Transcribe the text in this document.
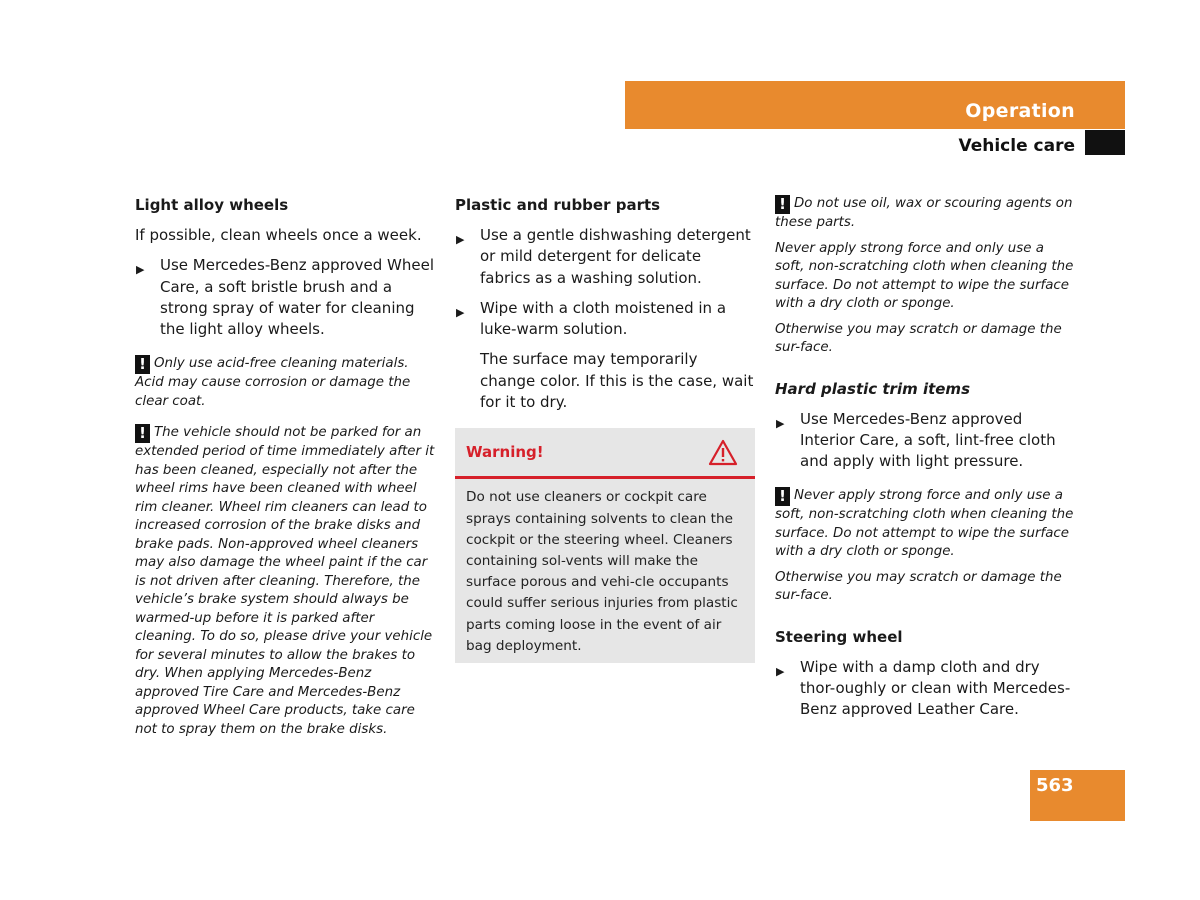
Operation
Vehicle care
Light alloy wheels

If possible, clean wheels once a week.

▶ Use Mercedes-Benz approved Wheel Care, a soft bristle brush and a strong spray of water for cleaning the light alloy wheels.

! Only use acid-free cleaning materials. Acid may cause corrosion or damage the clear coat.

! The vehicle should not be parked for an extended period of time immediately after it has been cleaned, especially not after the wheel rims have been cleaned with wheel rim cleaner. Wheel rim cleaners can lead to increased corrosion of the brake disks and brake pads. Non-approved wheel cleaners may also damage the wheel paint if the car is not driven after cleaning. Therefore, the vehicle’s brake system should always be warmed-up before it is parked after cleaning. To do so, please drive your vehicle for several minutes to allow the brakes to dry. When applying Mercedes-Benz approved Tire Care and Mercedes-Benz approved Wheel Care products, take care not to spray them on the brake disks.

Plastic and rubber parts
▶ Use a gentle dishwashing detergent or mild detergent for delicate fabrics as a washing solution.
▶ Wipe with a cloth moistened in a luke-warm solution.

The surface may temporarily change color. If this is the case, wait for it to dry.

Warning!
Do not use cleaners or cockpit care sprays containing solvents to clean the cockpit or the steering wheel. Cleaners containing sol-vents will make the surface porous and vehi-cle occupants could suffer serious injuries from plastic parts coming loose in the event of air bag deployment.

! Do not use oil, wax or scouring agents on these parts.

Never apply strong force and only use a soft, non-scratching cloth when cleaning the surface. Do not attempt to wipe the surface with a dry cloth or sponge.

Otherwise you may scratch or damage the sur-face.

Hard plastic trim items
▶ Use Mercedes-Benz approved Interior Care, a soft, lint-free cloth and apply with light pressure.

! Never apply strong force and only use a soft, non-scratching cloth when cleaning the surface. Do not attempt to wipe the surface with a dry cloth or sponge.

Otherwise you may scratch or damage the sur-face.

Steering wheel
▶ Wipe with a damp cloth and dry thor-oughly or clean with Mercedes-Benz approved Leather Care.
563
